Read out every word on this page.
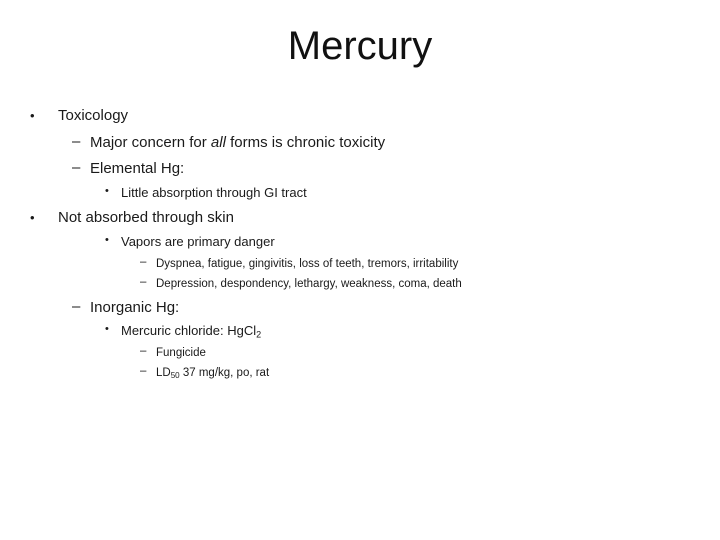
Mercury
• Toxicology
– Major concern for all forms is chronic toxicity
– Elemental Hg:
• Little absorption through GI tract
• Not absorbed through skin
• Vapors are primary danger
– Dyspnea, fatigue, gingivitis, loss of teeth, tremors, irritability
– Depression, despondency, lethargy, weakness, coma, death
– Inorganic Hg:
• Mercuric chloride: HgCl$_2$
– Fungicide
– $LD_{50}$ 37 mg/kg, po, rat
